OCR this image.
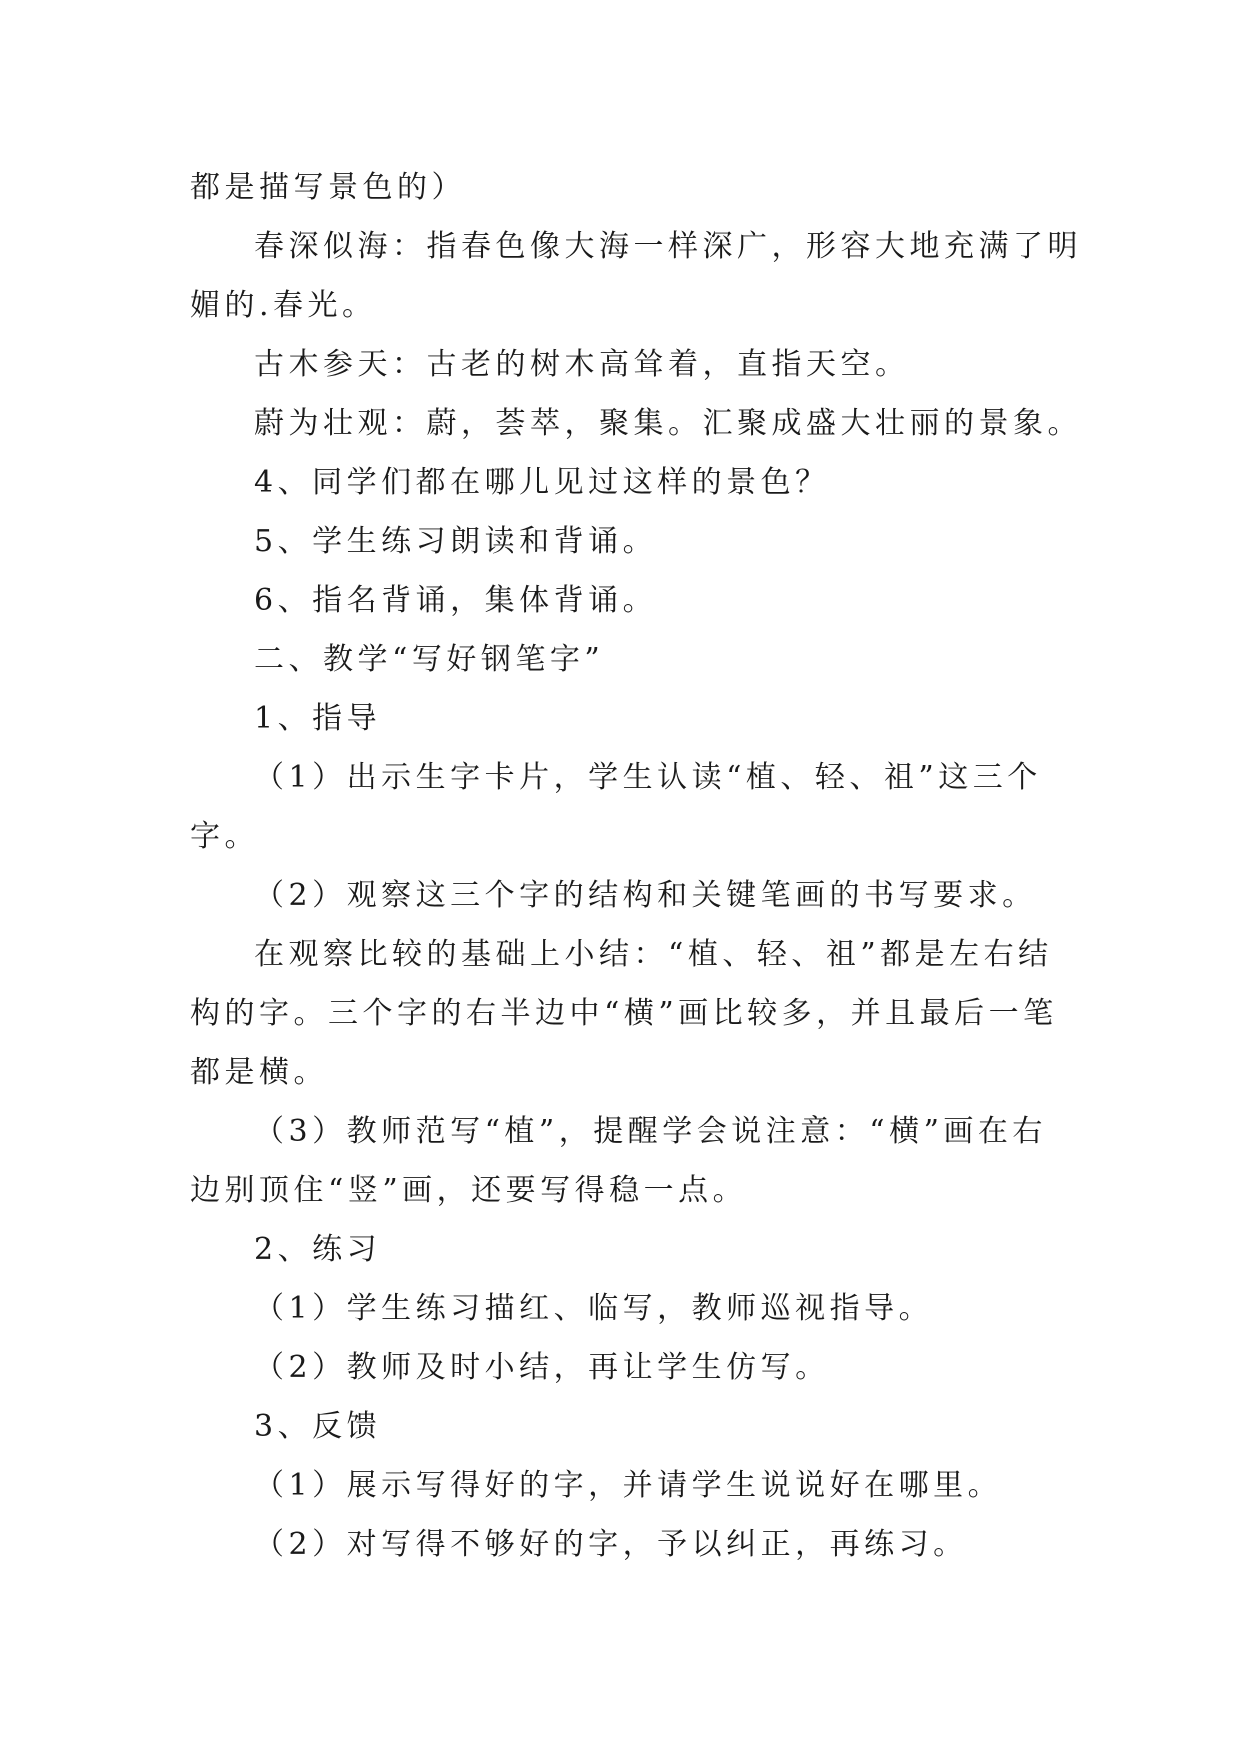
都是描写景色的）

春深似海：指春色像大海一样深广，形容大地充满了明

媚的.春光。

古木参天：古老的树木高耸着，直指天空。

蔚为壮观：蔚，荟萃，聚集。汇聚成盛大壮丽的景象。

4、同学们都在哪儿见过这样的景色？

5、学生练习朗读和背诵。

6、指名背诵，集体背诵。

二、教学“写好钢笔字”

1、指导

（1）出示生字卡片，学生认读“植、轻、祖”这三个

字。

（2）观察这三个字的结构和关键笔画的书写要求。

在观察比较的基础上小结：“植、轻、祖”都是左右结

构的字。三个字的右半边中“横”画比较多，并且最后一笔

都是横。

（3）教师范写“植”，提醒学会说注意：“横”画在右

边别顶住“竖”画，还要写得稳一点。

2、练习

（1）学生练习描红、临写，教师巡视指导。

（2）教师及时小结，再让学生仿写。

3、反馈

（1）展示写得好的字，并请学生说说好在哪里。

（2）对写得不够好的字，予以纠正，再练习。
